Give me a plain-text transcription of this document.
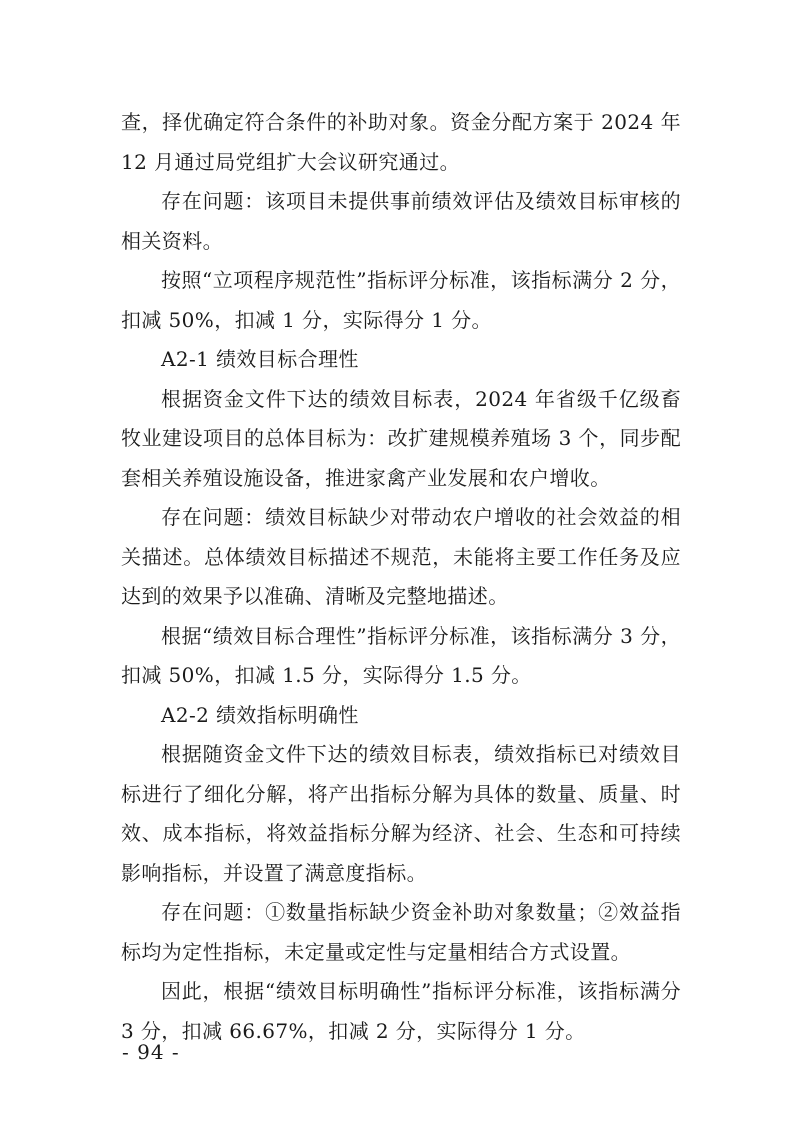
查，择优确定符合条件的补助对象。资金分配方案于 2024 年 12 月通过局党组扩大会议研究通过。

存在问题：该项目未提供事前绩效评估及绩效目标审核的相关资料。

按照“立项程序规范性”指标评分标准，该指标满分 2 分，扣减 50%，扣减 1 分，实际得分 1 分。

A2-1 绩效目标合理性

根据资金文件下达的绩效目标表，2024 年省级千亿级畜牧业建设项目的总体目标为：改扩建规模养殖场 3 个，同步配套相关养殖设施设备，推进家禽产业发展和农户增收。

存在问题：绩效目标缺少对带动农户增收的社会效益的相关描述。总体绩效目标描述不规范，未能将主要工作任务及应达到的效果予以准确、清晰及完整地描述。

根据“绩效目标合理性”指标评分标准，该指标满分 3 分，扣减 50%，扣减 1.5 分，实际得分 1.5 分。

A2-2 绩效指标明确性

根据随资金文件下达的绩效目标表，绩效指标已对绩效目标进行了细化分解，将产出指标分解为具体的数量、质量、时效、成本指标，将效益指标分解为经济、社会、生态和可持续影响指标，并设置了满意度指标。

存在问题：①数量指标缺少资金补助对象数量；②效益指标均为定性指标，未定量或定性与定量相结合方式设置。

因此，根据“绩效目标明确性”指标评分标准，该指标满分 3 分，扣减 66.67%，扣减 2 分，实际得分 1 分。

- 94 -
